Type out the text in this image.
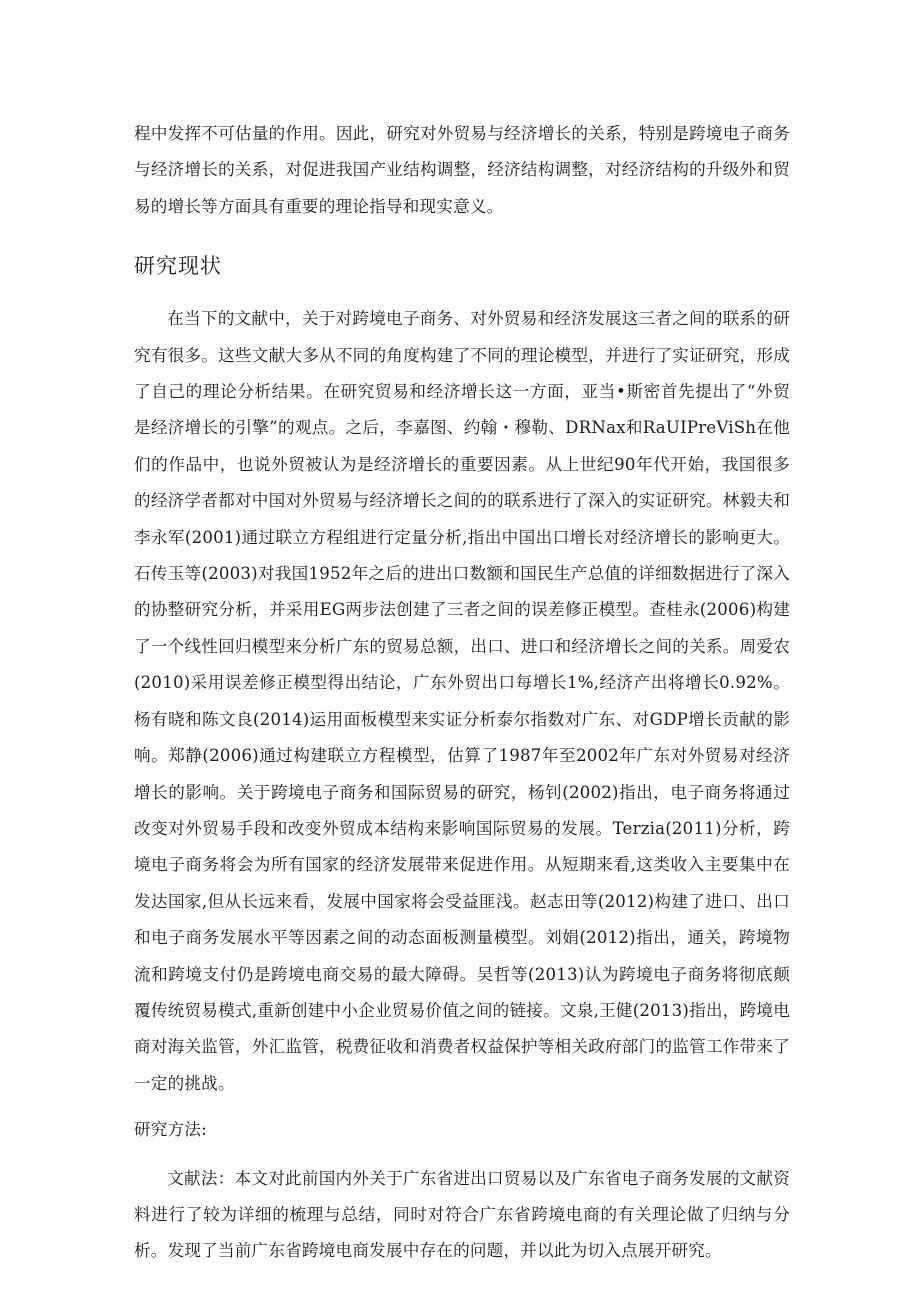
程中发挥不可估量的作用。因此，研究对外贸易与经济增长的关系，特别是跨境电子商务与经济增长的关系，对促进我国产业结构调整，经济结构调整，对经济结构的升级外和贸易的增长等方面具有重要的理论指导和现实意义。

研究现状

在当下的文献中，关于对跨境电子商务、对外贸易和经济发展这三者之间的联系的研究有很多。这些文献大多从不同的角度构建了不同的理论模型，并进行了实证研究，形成了自己的理论分析结果。在研究贸易和经济增长这一方面，亚当•斯密首先提出了“外贸是经济增长的引擎”的观点。之后，李嘉图、约翰・穆勒、DRNax和RaUIPreViSh在他们的作品中，也说外贸被认为是经济增长的重要因素。从上世纪90年代开始，我国很多的经济学者都对中国对外贸易与经济增长之间的的联系进行了深入的实证研究。林毅夫和李永军(2001)通过联立方程组进行定量分析,指出中国出口增长对经济增长的影响更大。石传玉等(2003)对我国1952年之后的进出口数额和国民生产总值的详细数据进行了深入的协整研究分析，并采用EG两步法创建了三者之间的误差修正模型。查桂永(2006)构建了一个线性回归模型来分析广东的贸易总额，出口、进口和经济增长之间的关系。周爱农(2010)采用误差修正模型得出结论，广东外贸出口每增长1%,经济产出将增长0.92%。杨有晓和陈文良(2014)运用面板模型来实证分析泰尔指数对广东、对GDP增长贡献的影响。郑静(2006)通过构建联立方程模型，估算了1987年至2002年广东对外贸易对经济增长的影响。关于跨境电子商务和国际贸易的研究，杨钊(2002)指出，电子商务将通过改变对外贸易手段和改变外贸成本结构来影响国际贸易的发展。Terzia(2011)分析，跨境电子商务将会为所有国家的经济发展带来促进作用。从短期来看,这类收入主要集中在发达国家,但从长远来看，发展中国家将会受益匪浅。赵志田等(2012)构建了进口、出口和电子商务发展水平等因素之间的动态面板测量模型。刘娟(2012)指出，通关，跨境物流和跨境支付仍是跨境电商交易的最大障碍。吴哲等(2013)认为跨境电子商务将彻底颠覆传统贸易模式,重新创建中小企业贸易价值之间的链接。文泉,王健(2013)指出，跨境电商对海关监管，外汇监管，税费征收和消费者权益保护等相关政府部门的监管工作带来了一定的挑战。

研究方法:

文献法：本文对此前国内外关于广东省进出口贸易以及广东省电子商务发展的文献资料进行了较为详细的梳理与总结，同时对符合广东省跨境电商的有关理论做了归纳与分析。发现了当前广东省跨境电商发展中存在的问题，并以此为切入点展开研究。
